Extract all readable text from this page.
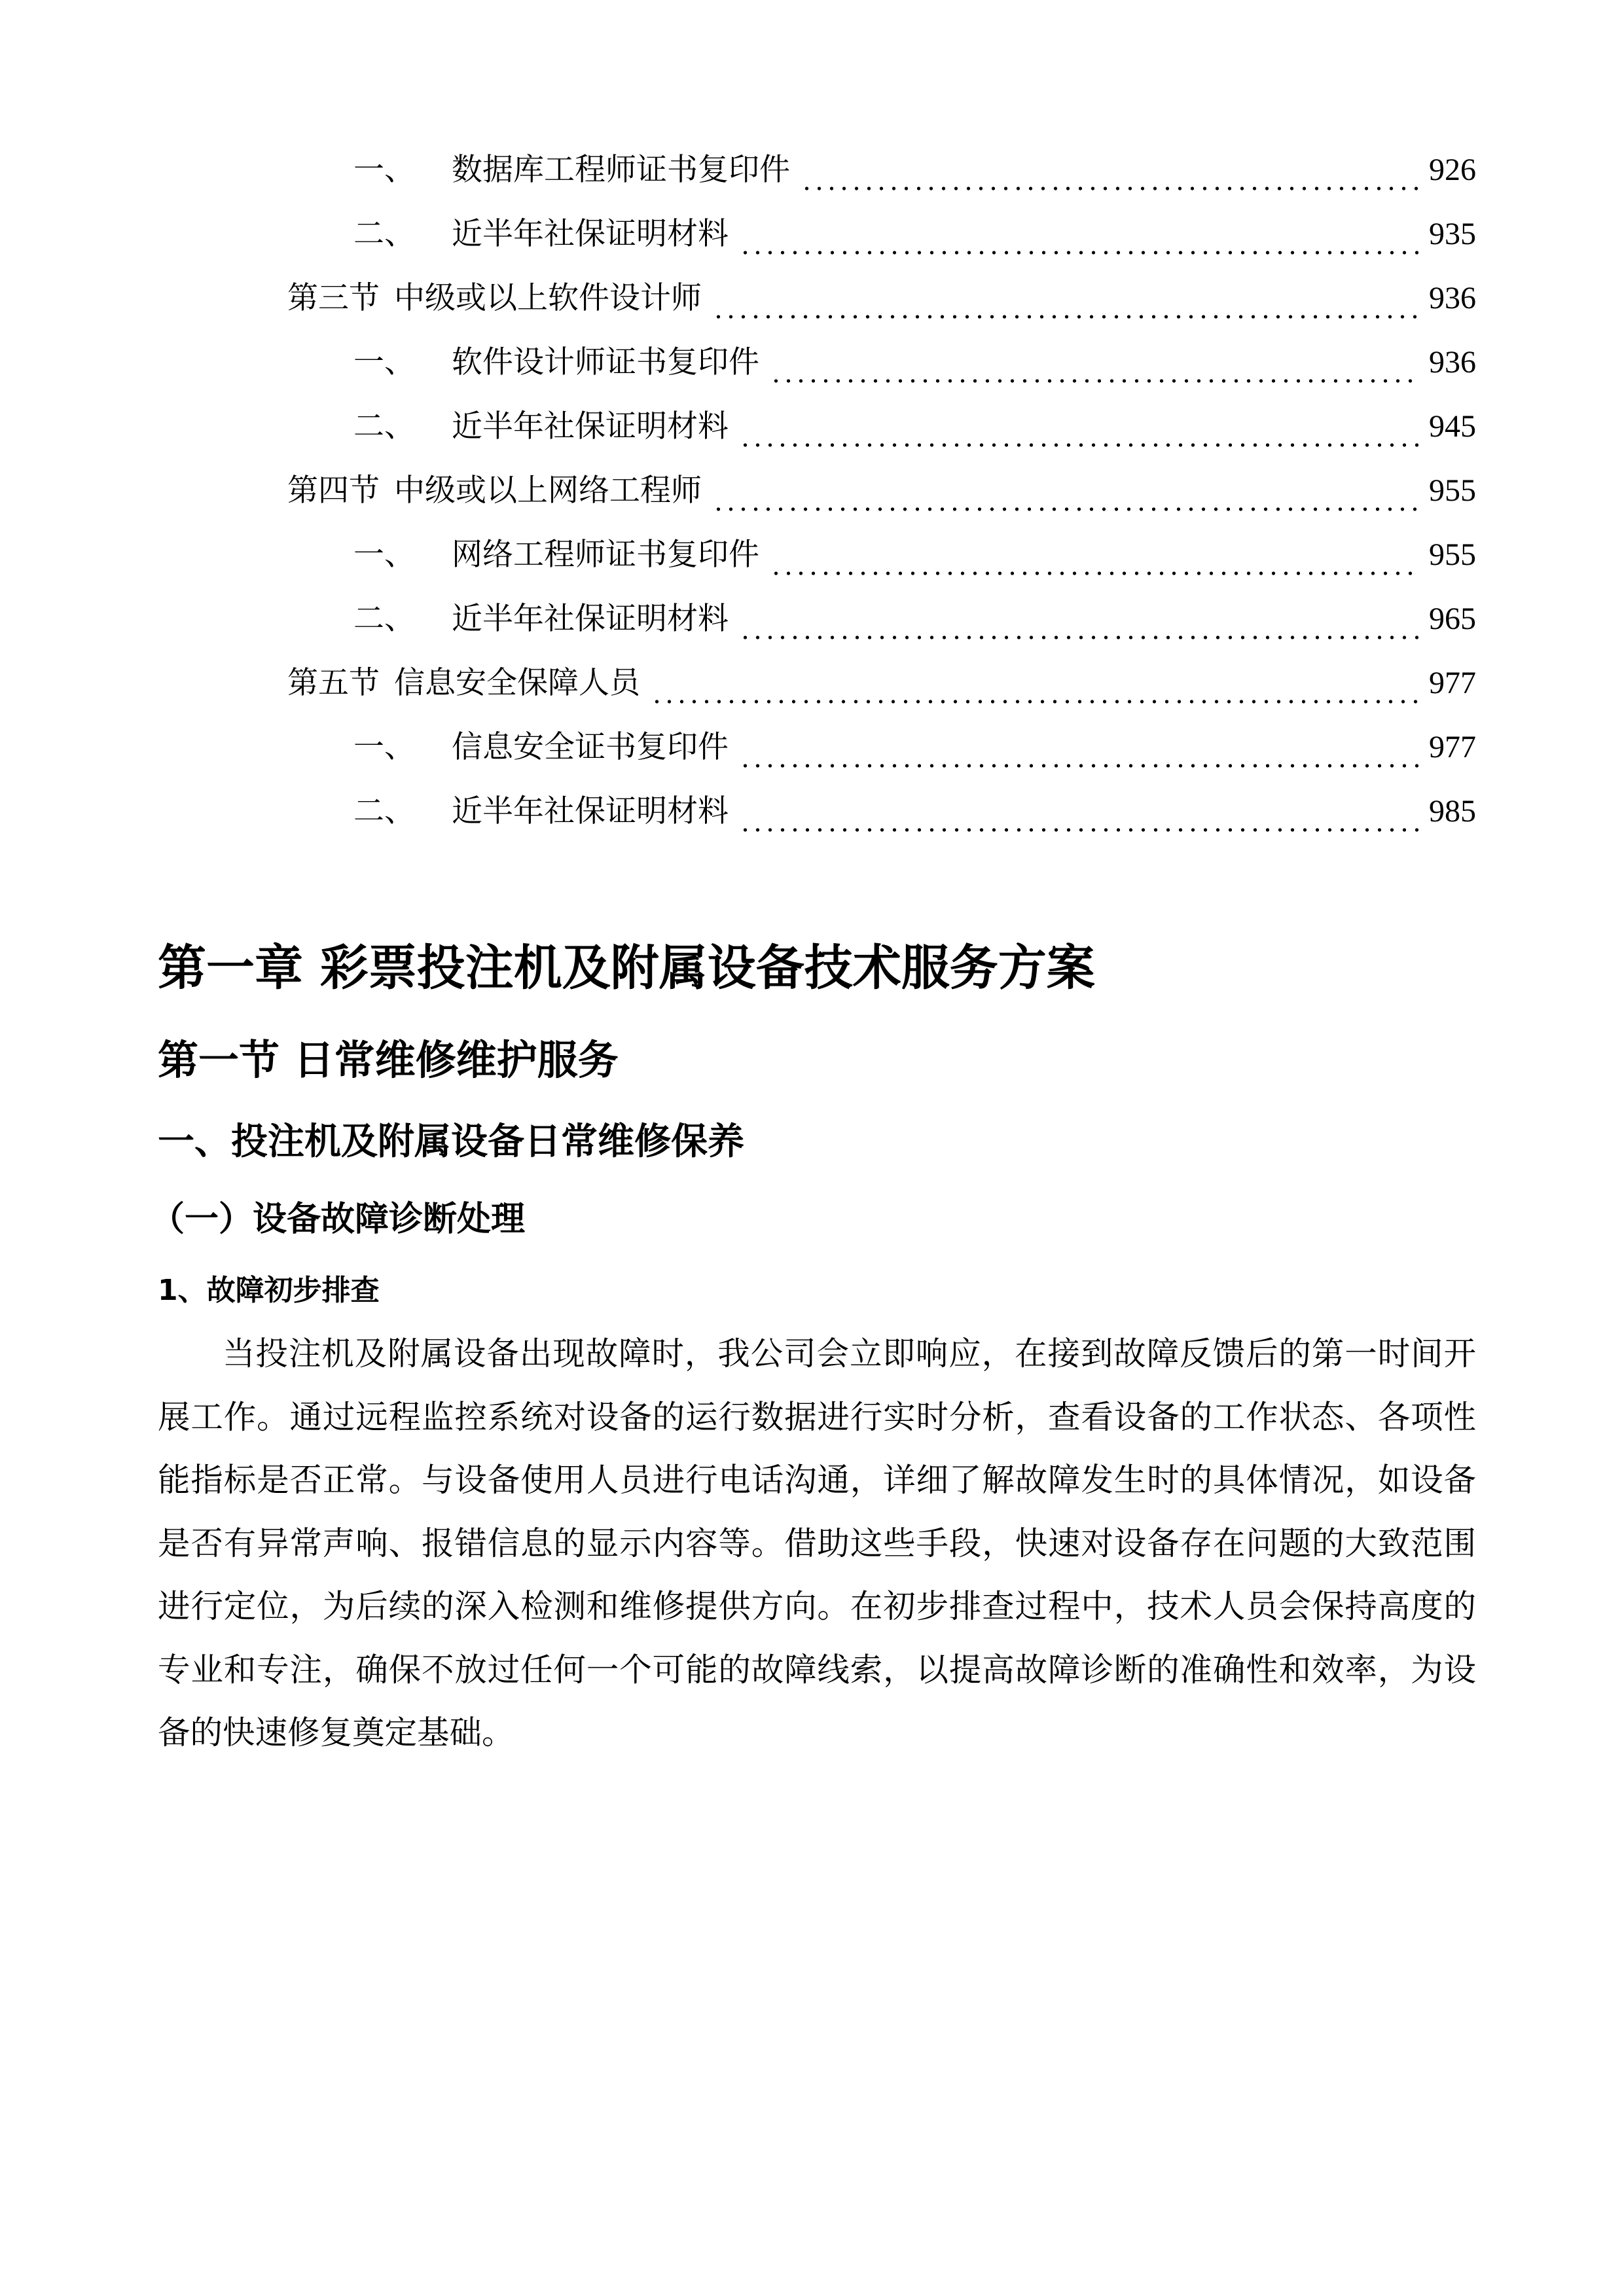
一、 数据库工程师证书复印件	926
二、 近半年社保证明材料	935
第三节 中级或以上软件设计师	936
一、 软件设计师证书复印件	936
二、 近半年社保证明材料	945
第四节 中级或以上网络工程师	955
一、 网络工程师证书复印件	955
二、 近半年社保证明材料	965
第五节 信息安全保障人员	977
一、 信息安全证书复印件	977
二、 近半年社保证明材料	985
第一章 彩票投注机及附属设备技术服务方案
第一节 日常维修维护服务
一、投注机及附属设备日常维修保养
（一）设备故障诊断处理
1、故障初步排查
当投注机及附属设备出现故障时，我公司会立即响应，在接到故障反馈后的第一时间开展工作。通过远程监控系统对设备的运行数据进行实时分析，查看设备的工作状态、各项性能指标是否正常。与设备使用人员进行电话沟通，详细了解故障发生时的具体情况，如设备是否有异常声响、报错信息的显示内容等。借助这些手段，快速对设备存在问题的大致范围进行定位，为后续的深入检测和维修提供方向。在初步排查过程中，技术人员会保持高度的专业和专注，确保不放过任何一个可能的故障线索，以提高故障诊断的准确性和效率，为设备的快速修复奠定基础。
